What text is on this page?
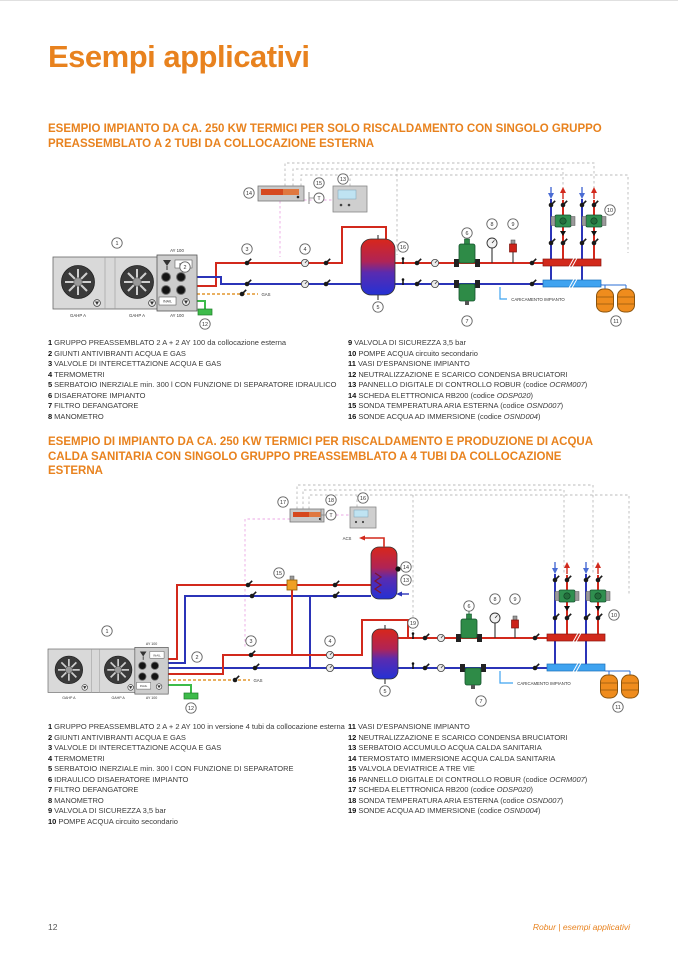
Esempi applicativi
ESEMPIO IMPIANTO DA CA. 250 KW TERMICI PER SOLO RISCALDAMENTO CON SINGOLO GRUPPO PREASSEMBLATO A 2 TUBI DA COLLOCAZIONE ESTERNA
INAIL
INAIL
GAHP A	GAHP A	AY 100
GAS
CARICAMENTO IMPIANTO
T
1
2
3	4
5
6
7
8	9
10
11
12
13
14
15
16
1 GRUPPO PREASSEMBLATO 2 A + 2 AY 100 da collocazione esterna
2 GIUNTI ANTIVIBRANTI ACQUA E GAS
3 VALVOLE DI INTERCETTAZIONE ACQUA E GAS
4 TERMOMETRI
5 SERBATOIO INERZIALE min. 300 l CON FUNZIONE DI SEPARATORE IDRAULICO
6 DISAERATORE IMPIANTO
7 FILTRO DEFANGATORE
8 MANOMETRO
9 VALVOLA DI SICUREZZA 3,5 bar
10 POMPE ACQUA circuito secondario
11 VASI D'ESPANSIONE IMPIANTO
12 NEUTRALIZZAZIONE E SCARICO CONDENSA BRUCIATORI
13 PANNELLO DIGITALE DI CONTROLLO ROBUR (codice OCRM007)
14 SCHEDA ELETTRONICA RB200 (codice ODSP020)
15 SONDA TEMPERATURA ARIA ESTERNA (codice OSND007)
16 SONDE ACQUA AD IMMERSIONE (codice OSND004)
ESEMPIO DI IMPIANTO DA CA. 250 KW TERMICI PER RISCALDAMENTO E PRODUZIONE DI ACQUA CALDA SANITARIA CON SINGOLO GRUPPO PREASSEMBLATO A 4 TUBI DA COLLOCAZIONE ESTERNA
GAS
ACS
CARICAMENTO IMPIANTO
T
1
2
3	4
5
6
7
8	9
10
11
12
13
14
15
16
17	18
19
1 GRUPPO PREASSEMBLATO 2 A + 2 AY 100 in versione 4 tubi da collocazione esterna
2 GIUNTI ANTIVIBRANTI ACQUA E GAS
3 VALVOLE DI INTERCETTAZIONE ACQUA E GAS
4 TERMOMETRI
5 SERBATOIO INERZIALE min. 300 l CON FUNZIONE DI SEPARATORE
6 IDRAULICO DISAERATORE IMPIANTO
7 FILTRO DEFANGATORE
8 MANOMETRO
9 VALVOLA DI SICUREZZA 3,5 bar
10 POMPE ACQUA circuito secondario
11 VASI D'ESPANSIONE IMPIANTO
12 NEUTRALIZZAZIONE E SCARICO CONDENSA BRUCIATORI
13 SERBATOIO ACCUMULO ACQUA CALDA SANITARIA
14 TERMOSTATO IMMERSIONE ACQUA CALDA SANITARIA
15 VALVOLA DEVIATRICE A TRE VIE
16 PANNELLO DIGITALE DI CONTROLLO ROBUR (codice OCRM007)
17 SCHEDA ELETTRONICA RB200 (codice ODSP020)
18 SONDA TEMPERATURA ARIA ESTERNA (codice OSND007)
19 SONDE ACQUA AD IMMERSIONE (codice OSND004)
12	Robur | esempi applicativi
